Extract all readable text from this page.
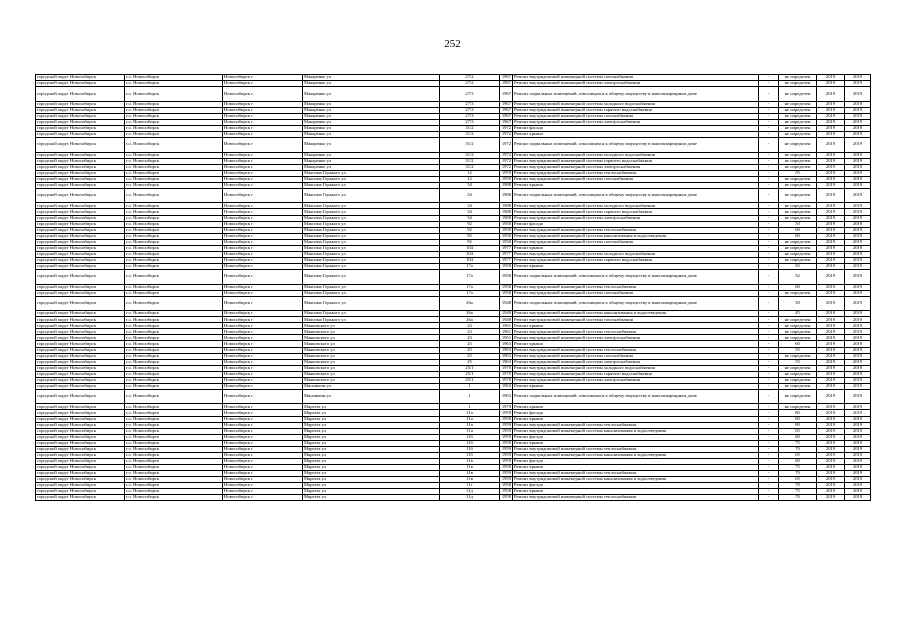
252
городской округ Новосибирск	г.о. Новосибирск	Новосибирск г	Макаренко ул	27/2	1967	Ремонт внутридомовой инженерной системы газоснабжения	-	не определен	2019	2019
городской округ Новосибирск	г.о. Новосибирск	Новосибирск г	Макаренко ул	27/2	1967	Ремонт внутридомовой инженерной системы электроснабжения	-	не определен	2019	2019
городской округ Новосибирск	г.о. Новосибирск	Новосибирск г	Макаренко ул	27/3	1967	Ремонт подвальных помещений, относящихся к общему имуществу в многоквартирном доме	-	не определен	2019	2019
городской округ Новосибирск	г.о. Новосибирск	Новосибирск г	Макаренко ул	27/3	1967	Ремонт внутридомовой инженерной системы холодного водоснабжения	-	не определен	2019	2019
городской округ Новосибирск	г.о. Новосибирск	Новосибирск г	Макаренко ул	27/3	1967	Ремонт внутридомовой инженерной системы горячего водоснабжения	-	не определен	2019	2019
городской округ Новосибирск	г.о. Новосибирск	Новосибирск г	Макаренко ул	27/3	1967	Ремонт внутридомовой инженерной системы газоснабжения	-	не определен	2019	2019
городской округ Новосибирск	г.о. Новосибирск	Новосибирск г	Макаренко ул	27/3	1967	Ремонт внутридомовой инженерной системы электроснабжения	-	не определен	2019	2019
городской округ Новосибирск	г.о. Новосибирск	Новосибирск г	Макаренко ул	31/2	1972	Ремонт фасада	-	не определен	2019	2019
городской округ Новосибирск	г.о. Новосибирск	Новосибирск г	Макаренко ул	31/2	1972	Ремонт крыши	-	не определен	2019	2019
городской округ Новосибирск	г.о. Новосибирск	Новосибирск г	Макаренко ул	31/2	1972	Ремонт подвальных помещений, относящихся к общему имуществу в многоквартирном доме	-	не определен	2019	2019
городской округ Новосибирск	г.о. Новосибирск	Новосибирск г	Макаренко ул	31/2	1972	Ремонт внутридомовой инженерной системы холодного водоснабжения	-	не определен	2019	2019
городской округ Новосибирск	г.о. Новосибирск	Новосибирск г	Макаренко ул	31/2	1972	Ремонт внутридомовой инженерной системы горячего водоснабжения	-	не определен	2019	2019
городской округ Новосибирск	г.о. Новосибирск	Новосибирск г	Макаренко ул	31/2	1972	Ремонт внутридомовой инженерной системы электроснабжения	-	не определен	2019	2019
городской округ Новосибирск	г.о. Новосибирск	Новосибирск г	Максима Горького ул	12	1959	Ремонт внутридомовой инженерной системы теплоснабжения	-	55	2019	2019
городской округ Новосибирск	г.о. Новосибирск	Новосибирск г	Максима Горького ул	12	1959	Ремонт внутридомовой инженерной системы газоснабжения	-	не определен	2019	2019
городской округ Новосибирск	г.о. Новосибирск	Новосибирск г	Максима Горького ул	34	1988	Ремонт крыши	-	не определен	2019	2019
городской округ Новосибирск	г.о. Новосибирск	Новосибирск г	Максима Горького ул	34	1988	Ремонт подвальных помещений, относящихся к общему имуществу в многоквартирном доме	-	не определен	2019	2019
городской округ Новосибирск	г.о. Новосибирск	Новосибирск г	Максима Горького ул	34	1988	Ремонт внутридомовой инженерной системы холодного водоснабжения	-	не определен	2019	2019
городской округ Новосибирск	г.о. Новосибирск	Новосибирск г	Максима Горького ул	34	1988	Ремонт внутридомовой инженерной системы горячего водоснабжения	-	не определен	2019	2019
городской округ Новосибирск	г.о. Новосибирск	Новосибирск г	Максима Горького ул	34	1988	Ремонт внутридомовой инженерной системы электроснабжения	-	не определен	2019	2019
городской округ Новосибирск	г.о. Новосибирск	Новосибирск г	Максима Горького ул	92	1950	Ремонт фасада	-	50	2019	2019
городской округ Новосибирск	г.о. Новосибирск	Новосибирск г	Максима Горького ул	92	1950	Ремонт внутридомовой инженерной системы теплоснабжения	-	60	2019	2019
городской округ Новосибирск	г.о. Новосибирск	Новосибирск г	Максима Горького ул	92	1950	Ремонт внутридомовой инженерной системы канализования и водоотведения	-	60	2019	2019
городской округ Новосибирск	г.о. Новосибирск	Новосибирск г	Максима Горького ул	92	1950	Ремонт внутридомовой инженерной системы газоснабжения	-	не определен	2019	2019
городской округ Новосибирск	г.о. Новосибирск	Новосибирск г	Максима Горького ул	104	1977	Ремонт крыши	-	не определен	2019	2019
городской округ Новосибирск	г.о. Новосибирск	Новосибирск г	Максима Горького ул	104	1977	Ремонт внутридомовой инженерной системы холодного водоснабжения	-	не определен	2019	2019
городской округ Новосибирск	г.о. Новосибирск	Новосибирск г	Максима Горького ул	104	1977	Ремонт внутридомовой инженерной системы горячего водоснабжения	-	не определен	2019	2019
городской округ Новосибирск	г.о. Новосибирск	Новосибирск г	Максима Горького ул	17а	1958	Ремонт крыши	-	65	2019	2019
городской округ Новосибирск	г.о. Новосибирск	Новосибирск г	Максима Горького ул	17а	1958	Ремонт подвальных помещений, относящихся к общему имуществу в многоквартирном доме	-	52	2019	2019
городской округ Новосибирск	г.о. Новосибирск	Новосибирск г	Максима Горького ул	17а	1958	Ремонт внутридомовой инженерной системы теплоснабжения	-	60	2019	2019
городской округ Новосибирск	г.о. Новосибирск	Новосибирск г	Максима Горького ул	17а	1958	Ремонт внутридомовой инженерной системы газоснабжения	-	не определен	2019	2019
городской округ Новосибирск	г.о. Новосибирск	Новосибирск г	Максима Горького ул	26а	1948	Ремонт подвальных помещений, относящихся к общему имуществу в многоквартирном доме	-	30	2019	2019
городской округ Новосибирск	г.о. Новосибирск	Новосибирск г	Максима Горького ул	26а	1948	Ремонт внутридомовой инженерной системы канализования и водоотведения	-	45	2019	2019
городской округ Новосибирск	г.о. Новосибирск	Новосибирск г	Максима Горького ул	26а	1948	Ремонт внутридомовой инженерной системы газоснабжения	-	не определен	2019	2019
городской округ Новосибирск	г.о. Новосибирск	Новосибирск г	Маяковского ул	23	1961	Ремонт крыши	-	не определен	2019	2019
городской округ Новосибирск	г.о. Новосибирск	Новосибирск г	Маяковского ул	23	1961	Ремонт внутридомовой инженерной системы теплоснабжения	-	не определен	2019	2019
городской округ Новосибирск	г.о. Новосибирск	Новосибирск г	Маяковского ул	23	1961	Ремонт внутридомовой инженерной системы электроснабжения	-	не определен	2019	2019
городской округ Новосибирск	г.о. Новосибирск	Новосибирск г	Маяковского ул	25	1963	Ремонт крыши	-	60	2019	2019
городской округ Новосибирск	г.о. Новосибирск	Новосибирск г	Маяковского ул	25	1963	Ремонт внутридомовой инженерной системы теплоснабжения	-	55	2019	2019
городской округ Новосибирск	г.о. Новосибирск	Новосибирск г	Маяковского ул	25	1963	Ремонт внутридомовой инженерной системы газоснабжения	-	не определен	2019	2019
городской округ Новосибирск	г.о. Новосибирск	Новосибирск г	Маяковского ул	25	1963	Ремонт внутридомовой инженерной системы электроснабжения	-	55	2019	2019
городской округ Новосибирск	г.о. Новосибирск	Новосибирск г	Маяковского ул	25/1	1970	Ремонт внутридомовой инженерной системы холодного водоснабжения	-	не определен	2019	2019
городской округ Новосибирск	г.о. Новосибирск	Новосибирск г	Маяковского ул	25/1	1970	Ремонт внутридомовой инженерной системы горячего водоснабжения	-	не определен	2019	2019
городской округ Новосибирск	г.о. Новосибирск	Новосибирск г	Маяковского ул	25/1	1970	Ремонт внутридомовой инженерной системы электроснабжения	-	не определен	2019	2019
городской округ Новосибирск	г.о. Новосибирск	Новосибирск г	Мясникова ул	1	1963	Ремонт крыши	-	не определен	2019	2019
городской округ Новосибирск	г.о. Новосибирск	Новосибирск г	Мясникова ул	1	1963	Ремонт подвальных помещений, относящихся к общему имуществу в многоквартирном доме	-	не определен	2019	2019
городской округ Новосибирск	г.о. Новосибирск	Новосибирск г	Мяргата ул	1	1979	Ремонт крыши	-	не определен	2019	2019
городской округ Новосибирск	г.о. Новосибирск	Новосибирск г	Мяргата ул	11а	1959	Ремонт фасада	-	80	2019	2019
городской округ Новосибирск	г.о. Новосибирск	Новосибирск г	Мяргата ул	11а	1959	Ремонт крыши	-	80	2019	2019
городской округ Новосибирск	г.о. Новосибирск	Новосибирск г	Мяргата ул	11а	1959	Ремонт внутридомовой инженерной системы теплоснабжения	-	80	2019	2019
городской округ Новосибирск	г.о. Новосибирск	Новосибирск г	Мяргата ул	11а	1959	Ремонт внутридомовой инженерной системы канализования и водоотведения	-	65	2019	2019
городской округ Новосибирск	г.о. Новосибирск	Новосибирск г	Мяргата ул	11б	1959	Ремонт фасада	-	80	2019	2019
городской округ Новосибирск	г.о. Новосибирск	Новосибирск г	Мяргата ул	11б	1959	Ремонт крыши	-	75	2019	2019
городской округ Новосибирск	г.о. Новосибирск	Новосибирск г	Мяргата ул	11б	1959	Ремонт внутридомовой инженерной системы теплоснабжения	-	70	2019	2019
городской округ Новосибирск	г.о. Новосибирск	Новосибирск г	Мяргата ул	11б	1959	Ремонт внутридомовой инженерной системы канализования и водоотведения	-	65	2019	2019
городской округ Новосибирск	г.о. Новосибирск	Новосибирск г	Мяргата ул	11в	1959	Ремонт фасада	-	80	2019	2019
городской округ Новосибирск	г.о. Новосибирск	Новосибирск г	Мяргата ул	11в	1959	Ремонт крыши	-	75	2019	2019
городской округ Новосибирск	г.о. Новосибирск	Новосибирск г	Мяргата ул	11в	1959	Ремонт внутридомовой инженерной системы теплоснабжения	-	70	2019	2019
городской округ Новосибирск	г.о. Новосибирск	Новосибирск г	Мяргата ул	11в	1959	Ремонт внутридомовой инженерной системы канализования и водоотведения	-	65	2019	2019
городской округ Новосибирск	г.о. Новосибирск	Новосибирск г	Мяргата ул	11г	1958	Ремонт фасада	-	70	2019	2019
городской округ Новосибирск	г.о. Новосибирск	Новосибирск г	Мяргата ул	11д	1958	Ремонт крыши	-	75	2019	2019
городской округ Новосибирск	г.о. Новосибирск	Новосибирск г	Мяргата ул	11д	1958	Ремонт внутридомовой инженерной системы теплоснабжения	-	70	2019	2019
